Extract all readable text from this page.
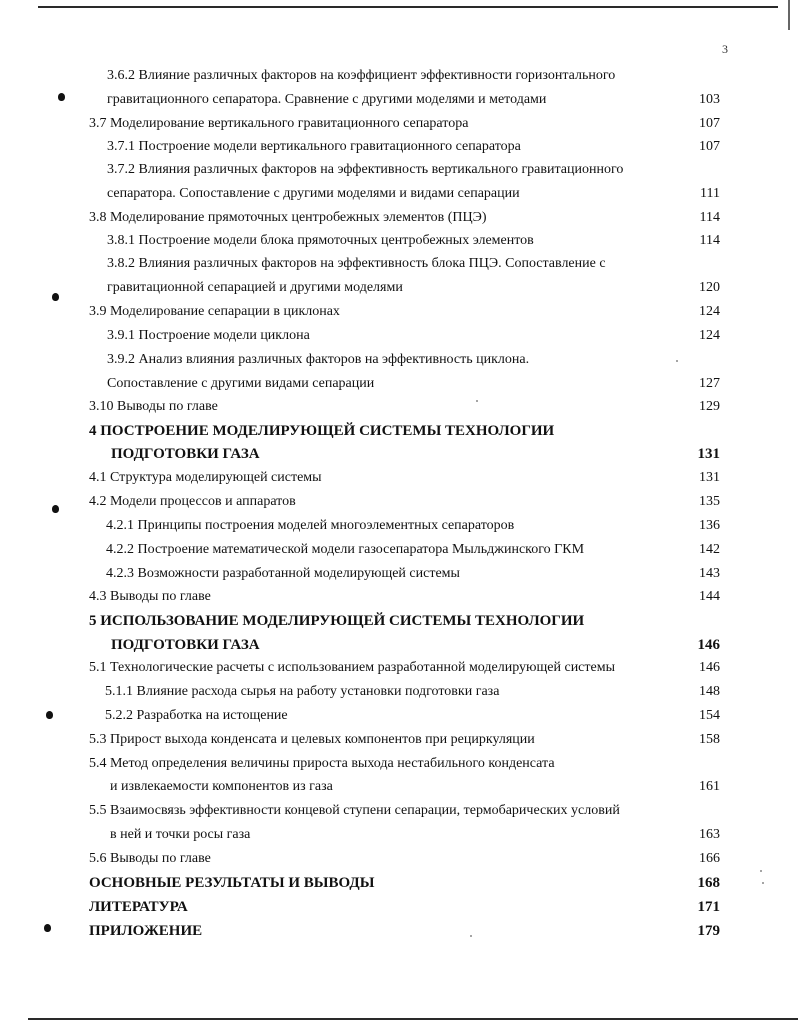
3
3.6.2 Влияние различных факторов на коэффициент эффективности горизонтального
гравитационного сепаратора. Сравнение с другими моделями и методами	103
3.7 Моделирование вертикального гравитационного сепаратора	107
3.7.1 Построение модели вертикального гравитационного сепаратора	107
3.7.2 Влияния различных факторов на эффективность вертикального гравитационного
сепаратора. Сопоставление с другими моделями и видами сепарации	111
3.8 Моделирование прямоточных центробежных элементов (ПЦЭ)	114
3.8.1 Построение модели блока прямоточных центробежных элементов	114
3.8.2 Влияния различных факторов на эффективность блока ПЦЭ. Сопоставление с
гравитационной сепарацией и другими моделями	120
3.9 Моделирование сепарации в циклонах	124
3.9.1 Построение модели циклона	124
3.9.2 Анализ влияния различных факторов на эффективность циклона.
Сопоставление с другими видами сепарации	127
3.10 Выводы по главе	129
4 ПОСТРОЕНИЕ МОДЕЛИРУЮЩЕЙ СИСТЕМЫ ТЕХНОЛОГИИ
ПОДГОТОВКИ ГАЗА	131
4.1 Структура моделирующей системы	131
4.2 Модели процессов и аппаратов	135
4.2.1 Принципы построения моделей многоэлементных сепараторов	136
4.2.2 Построение математической модели газосепаратора Мыльджинского ГКМ	142
4.2.3 Возможности разработанной моделирующей системы	143
4.3 Выводы по главе	144
5 ИСПОЛЬЗОВАНИЕ МОДЕЛИРУЮЩЕЙ СИСТЕМЫ ТЕХНОЛОГИИ
ПОДГОТОВКИ ГАЗА	146
5.1 Технологические расчеты с использованием разработанной моделирующей системы	146
5.1.1 Влияние расхода сырья на работу установки подготовки газа	148
5.2.2 Разработка на истощение	154
5.3 Прирост выхода конденсата и целевых компонентов при рециркуляции	158
5.4 Метод определения величины прироста выхода нестабильного конденсата
и извлекаемости компонентов из газа	161
5.5 Взаимосвязь эффективности концевой ступени сепарации, термобарических условий
в ней и точки росы газа	163
5.6 Выводы по главе	166
ОСНОВНЫЕ РЕЗУЛЬТАТЫ И ВЫВОДЫ	168
ЛИТЕРАТУРА	171
ПРИЛОЖЕНИЕ	179
